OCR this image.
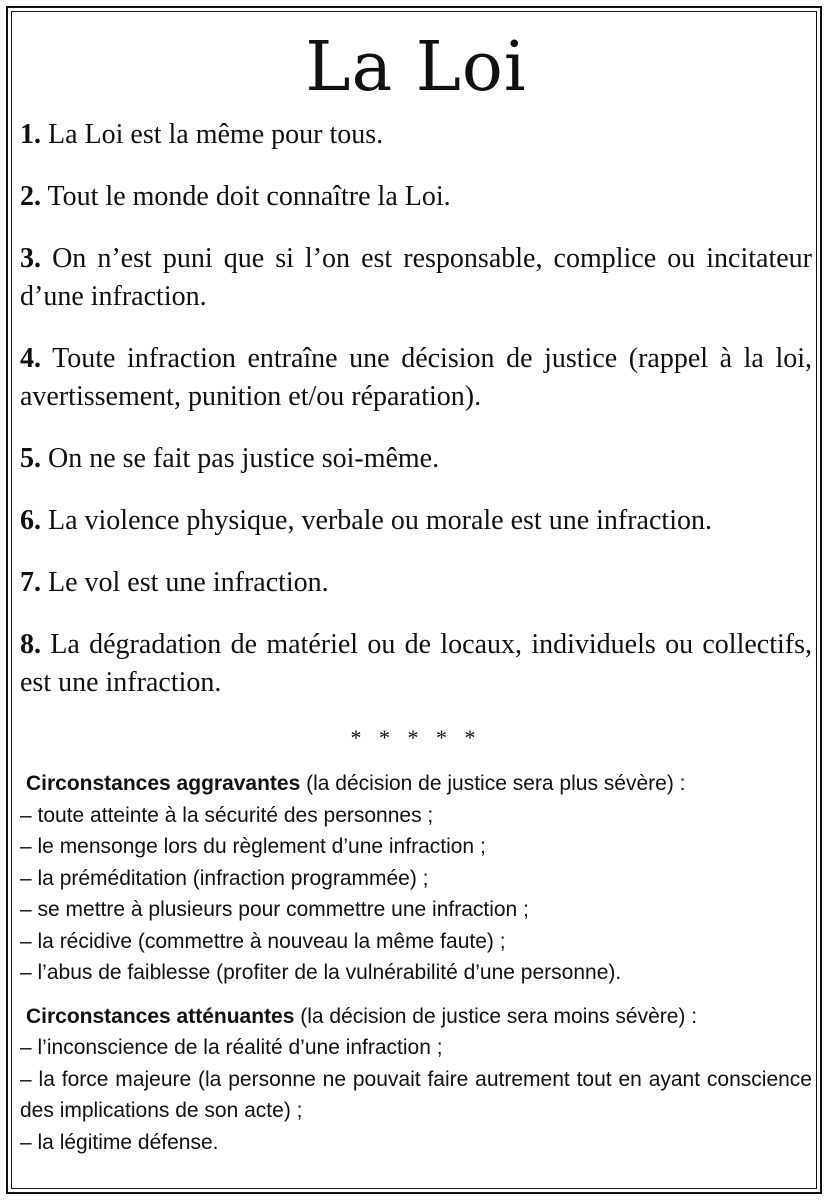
La Loi
1. La Loi est la même pour tous.
2. Tout le monde doit connaître la Loi.
3. On n’est puni que si l’on est responsable, complice ou incitateur d’une infraction.
4. Toute infraction entraîne une décision de justice (rappel à la loi, avertissement, punition et/ou réparation).
5. On ne se fait pas justice soi-même.
6. La violence physique, verbale ou morale est une infraction.
7. Le vol est une infraction.
8. La dégradation de matériel ou de locaux, individuels ou collectifs, est une infraction.
* * * * *
Circonstances aggravantes (la décision de justice sera plus sévère) :
– toute atteinte à la sécurité des personnes ;
– le mensonge lors du règlement d’une infraction ;
– la préméditation (infraction programmée) ;
– se mettre à plusieurs pour commettre une infraction ;
– la récidive (commettre à nouveau la même faute) ;
– l’abus de faiblesse (profiter de la vulnérabilité d’une personne).
Circonstances atténuantes (la décision de justice sera moins sévère) :
– l’inconscience de la réalité d’une infraction ;
– la force majeure (la personne ne pouvait faire autrement tout en ayant conscience des implications de son acte) ;
– la légitime défense.
